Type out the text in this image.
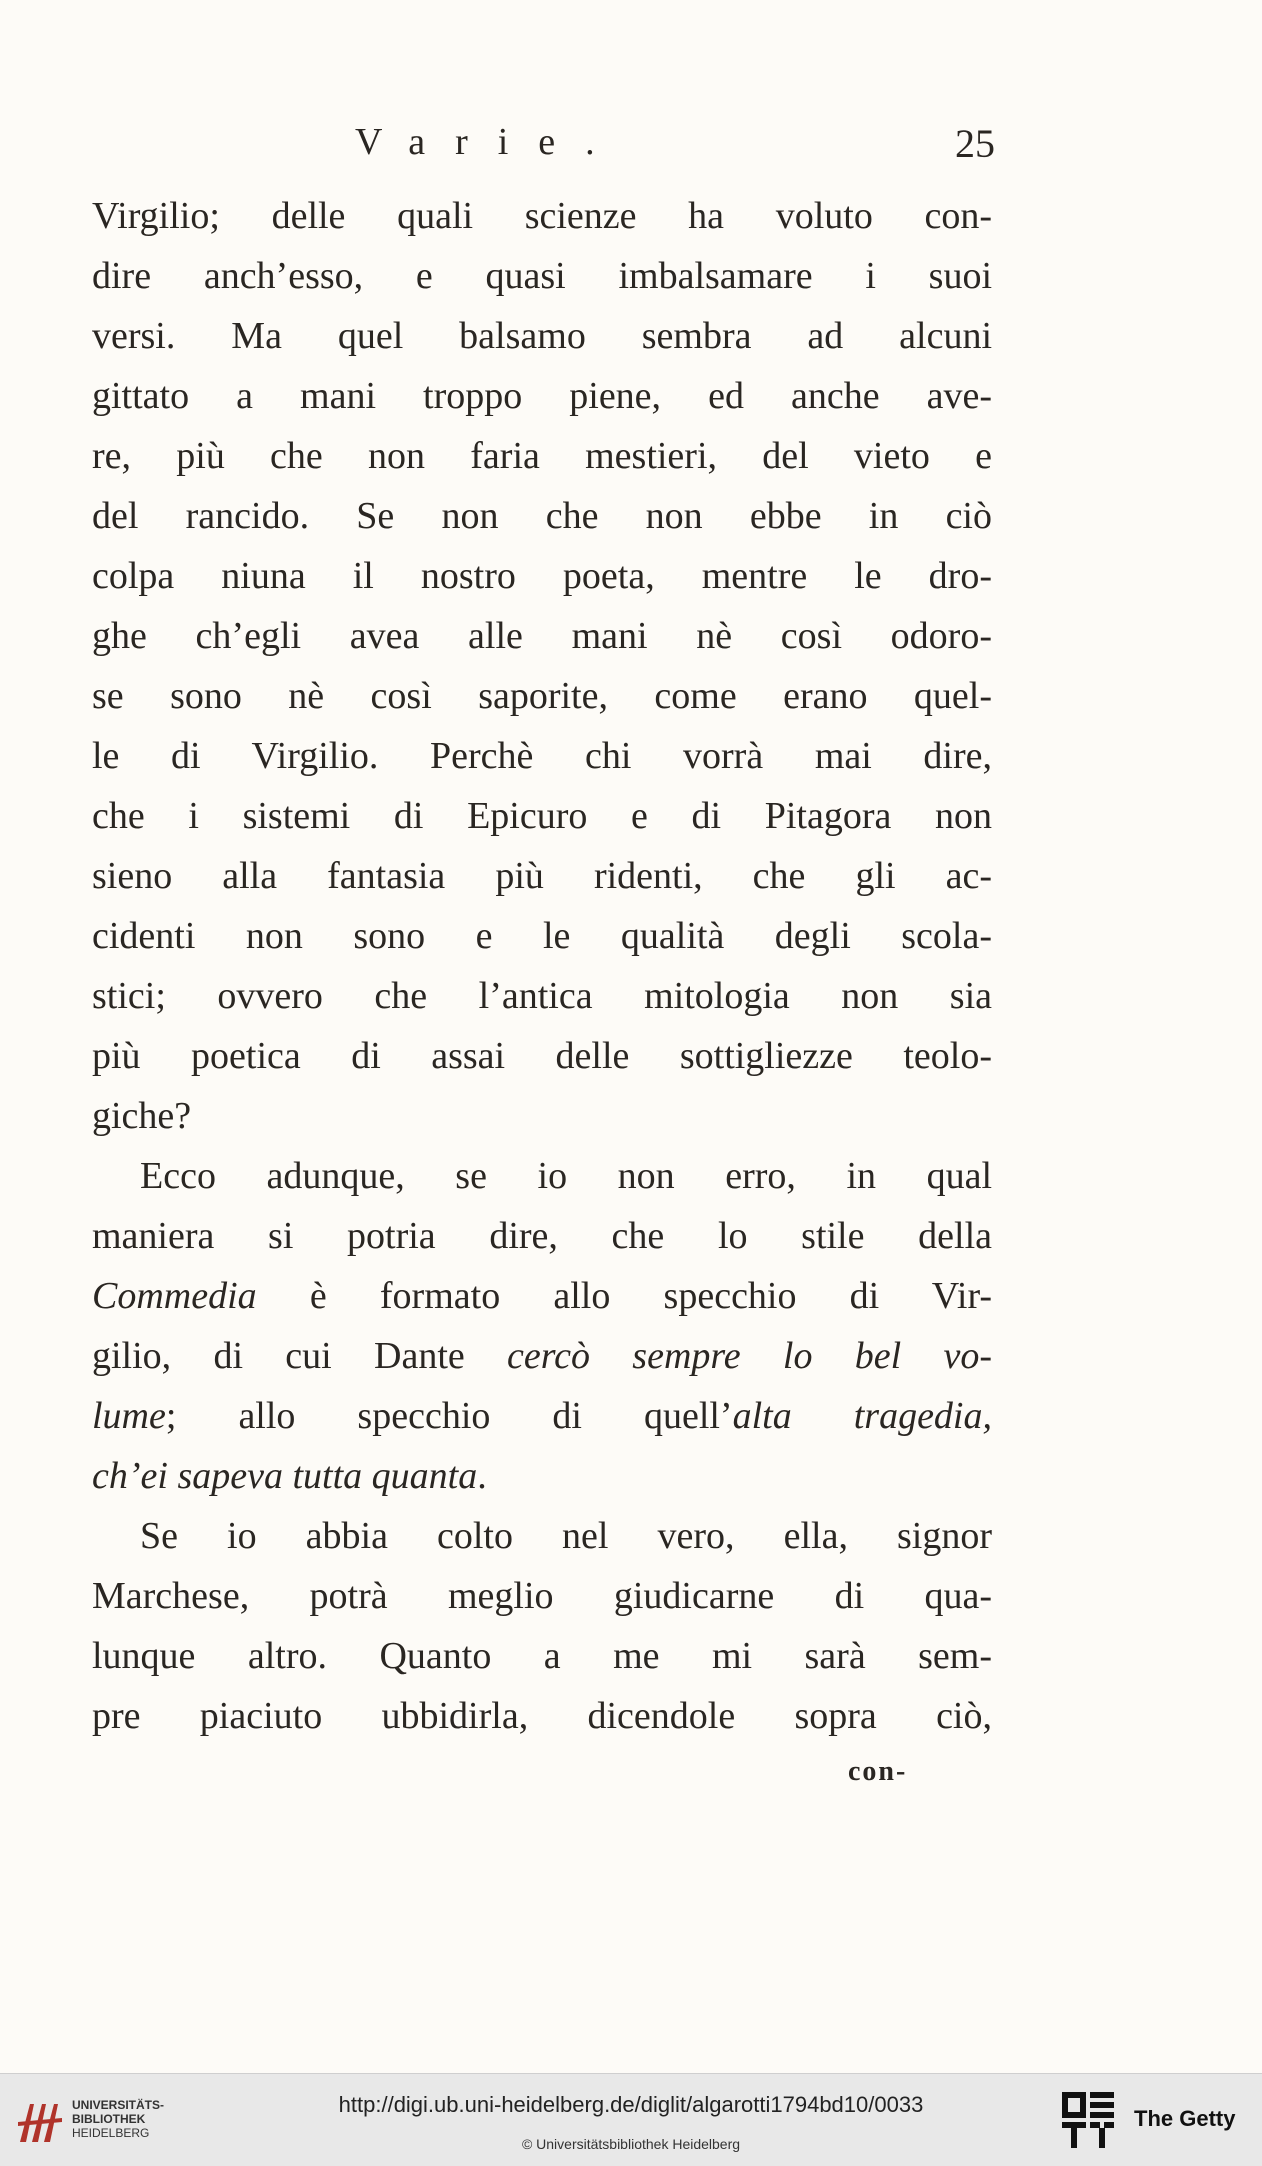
Varie.	25
Virgilio; delle quali scienze ha voluto con-
dire anch’esso, e quasi imbalsamare i suoi
versi. Ma quel balsamo sembra ad alcuni
gittato a mani troppo piene, ed anche ave-
re, più che non faria mestieri, del vieto e
del rancido. Se non che non ebbe in ciò
colpa niuna il nostro poeta, mentre le dro-
ghe ch’egli avea alle mani nè così odoro-
se sono nè così saporite, come erano quel-
le di Virgilio. Perchè chi vorrà mai dire,
che i sistemi di Epicuro e di Pitagora non
sieno alla fantasia più ridenti, che gli ac-
cidenti non sono e le qualità degli scola-
stici; ovvero che l’antica mitologia non sia
più poetica di assai delle sottigliezze teolo-
giche?
Ecco adunque, se io non erro, in qual
maniera si potria dire, che lo stile della
Commedia è formato allo specchio di Vir-
gilio, di cui Dante cercò sempre lo bel vo-
lume; allo specchio di quell’alta tragedia,
ch’ei sapeva tutta quanta.
Se io abbia colto nel vero, ella, signor
Marchese, potrà meglio giudicarne di qua-
lunque altro. Quanto a me mi sarà sem-
pre piaciuto ubbidirla, dicendole sopra ciò,
con-
UNIVERSITÄTS-
BIBLIOTHEK
HEIDELBERG
http://digi.ub.uni-heidelberg.de/diglit/algarotti1794bd10/0033
© Universitätsbibliothek Heidelberg
The Getty
